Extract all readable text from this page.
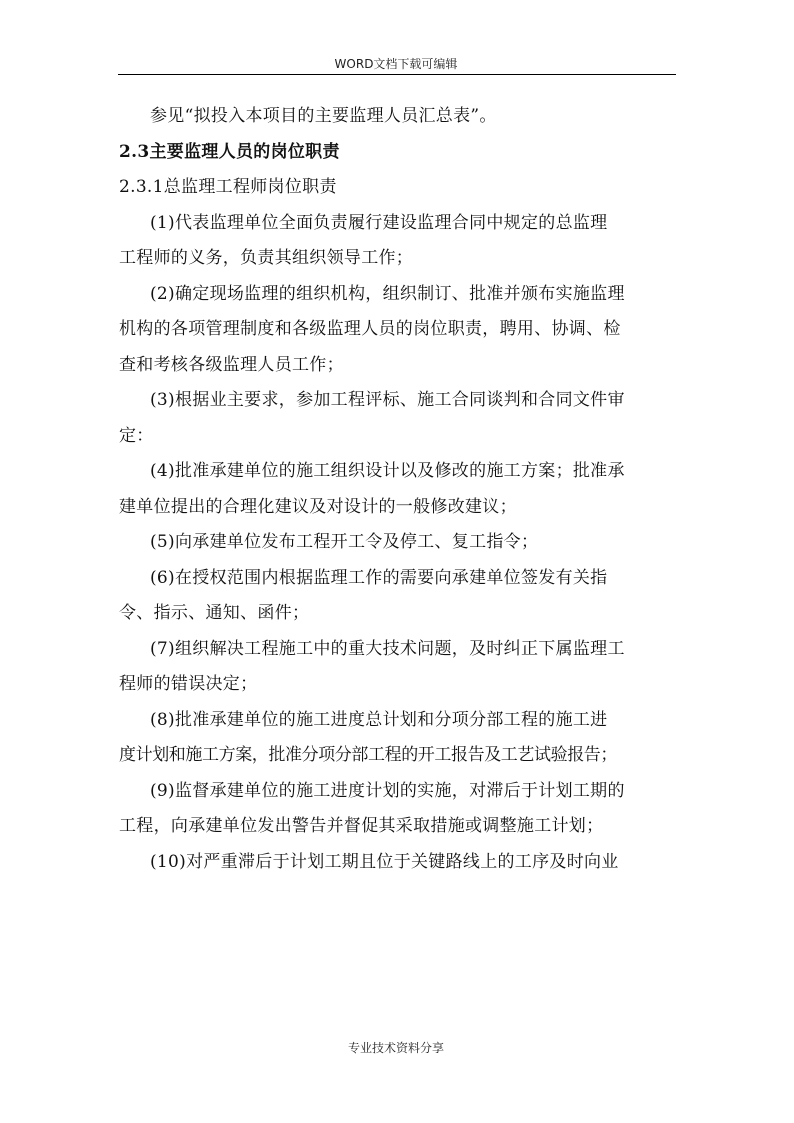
WORD文档下载可编辑
参见“拟投入本项目的主要监理人员汇总表”。
2.3主要监理人员的岗位职责
2.3.1总监理工程师岗位职责
(1)代表监理单位全面负责履行建设监理合同中规定的总监理
工程师的义务，负责其组织领导工作；
(2)确定现场监理的组织机构，组织制订、批准并颁布实施监理
机构的各项管理制度和各级监理人员的岗位职责，聘用、协调、检
查和考核各级监理人员工作；
(3)根据业主要求，参加工程评标、施工合同谈判和合同文件审
定：
(4)批准承建单位的施工组织设计以及修改的施工方案；批准承
建单位提出的合理化建议及对设计的一般修改建议；
(5)向承建单位发布工程开工令及停工、复工指令；
(6)在授权范围内根据监理工作的需要向承建单位签发有关指
令、指示、通知、函件；
(7)组织解决工程施工中的重大技术问题，及时纠正下属监理工
程师的错误决定；
(8)批准承建单位的施工进度总计划和分项分部工程的施工进
度计划和施工方案，批准分项分部工程的开工报告及工艺试验报告；
(9)监督承建单位的施工进度计划的实施，对滞后于计划工期的
工程，向承建单位发出警告并督促其采取措施或调整施工计划；
(10)对严重滞后于计划工期且位于关键路线上的工序及时向业
专业技术资料分享
